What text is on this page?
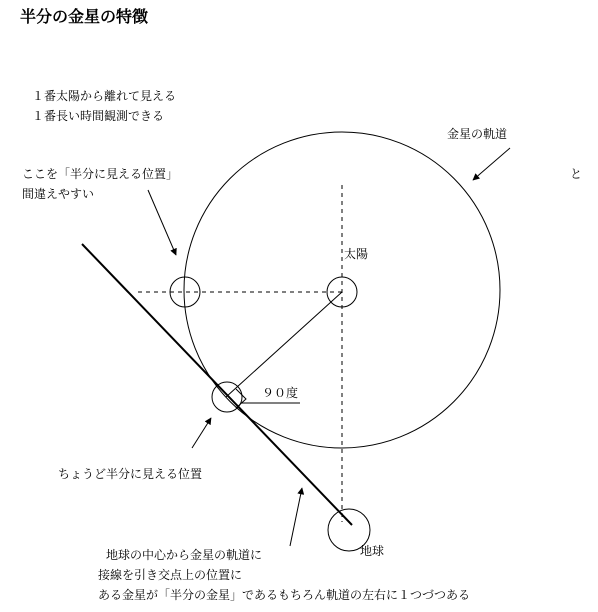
半分の金星の特徴
１番太陽から離れて見える
１番長い時間観測できる
金星の軌道
ここを「半分に見える位置」
間違えやすい
と
太陽
９０度
ちょうど半分に見える位置
地球
地球の中心から金星の軌道に
接線を引き交点上の位置に
ある金星が「半分の金星」であるもちろん軌道の左右に１つづつある
